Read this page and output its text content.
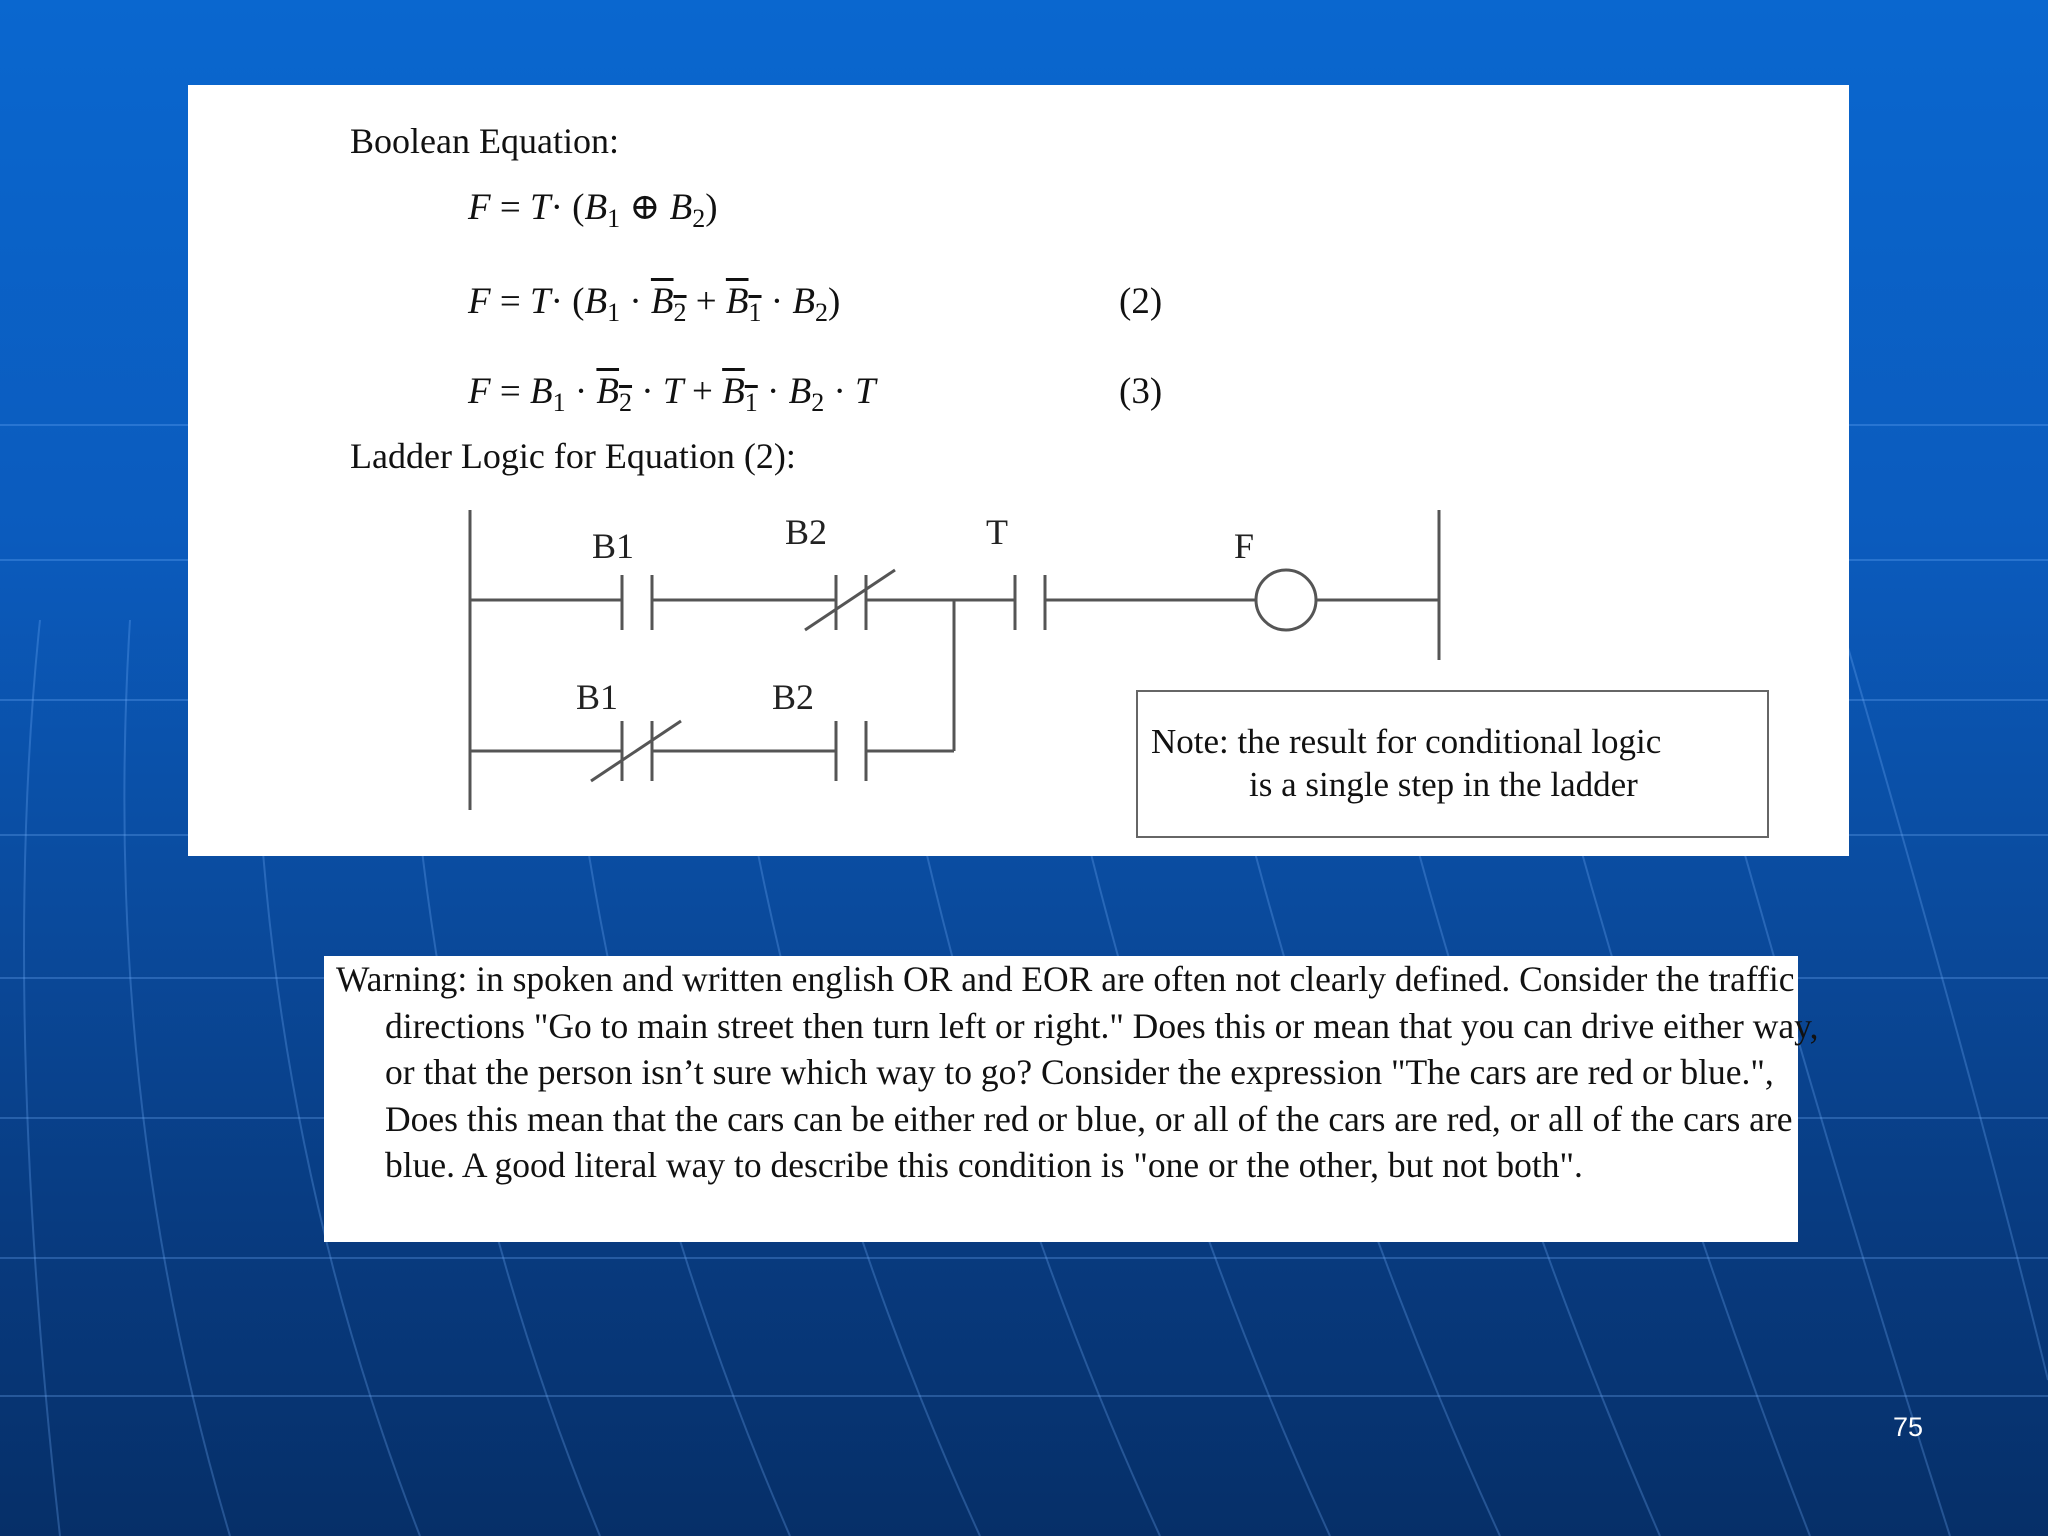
Boolean Equation:
$F = T\cdot (B_1$ ⊕ $B_2$)
$F = T\cdot (B_1 \cdot B_2 + B_1 \cdot B_2)$	(2)
$F = B_1 \cdot B_2 \cdot T + B_1 \cdot B_2 \cdot T$	(3)
Ladder Logic for Equation (2):
B1	B2	T	F
B1	B2
Note: the result for conditional logic
is a single step in the ladder

Warning: in spoken and written english OR and EOR are often not clearly defined. Consider the traffic directions "Go to main street then turn left or right." Does this or mean that you can drive either way, or that the person isn’t sure which way to go? Consider the expression "The cars are red or blue.", Does this mean that the cars can be either red or blue, or all of the cars are red, or all of the cars are blue. A good literal way to describe this condition is "one or the other, but not both".

75
